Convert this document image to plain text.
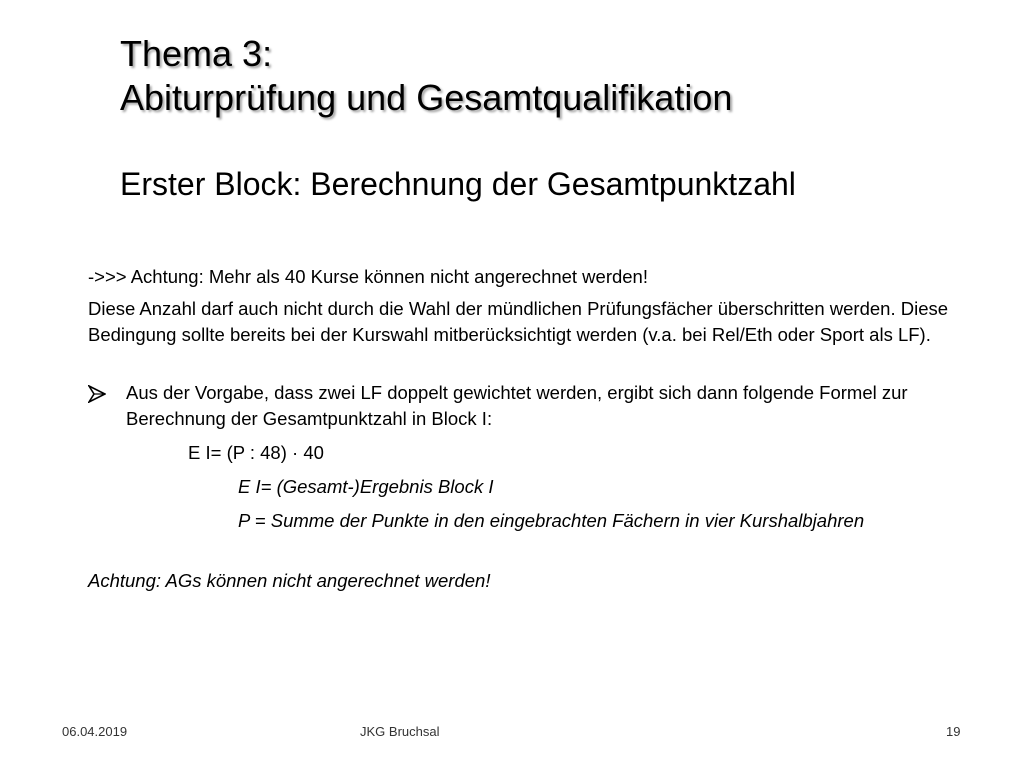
Thema 3:
Abiturprüfung und Gesamtqualifikation
Erster Block: Berechnung der Gesamtpunktzahl

->>> Achtung: Mehr als 40 Kurse können nicht angerechnet werden!

Diese Anzahl darf auch nicht durch die Wahl der mündlichen Prüfungsfächer überschritten werden. Diese Bedingung sollte bereits bei der Kurswahl mitberücksichtigt werden (v.a. bei Rel/Eth oder Sport als LF).

Aus der Vorgabe, dass zwei LF doppelt gewichtet werden, ergibt sich dann folgende Formel zur Berechnung der Gesamtpunktzahl in Block I:
E I= (P : 48) · 40
E I= (Gesamt-)Ergebnis Block I
P = Summe der Punkte in den eingebrachten Fächern in vier Kurshalbjahren
Achtung: AGs können nicht angerechnet werden!
06.04.2019	JKG Bruchsal	19
